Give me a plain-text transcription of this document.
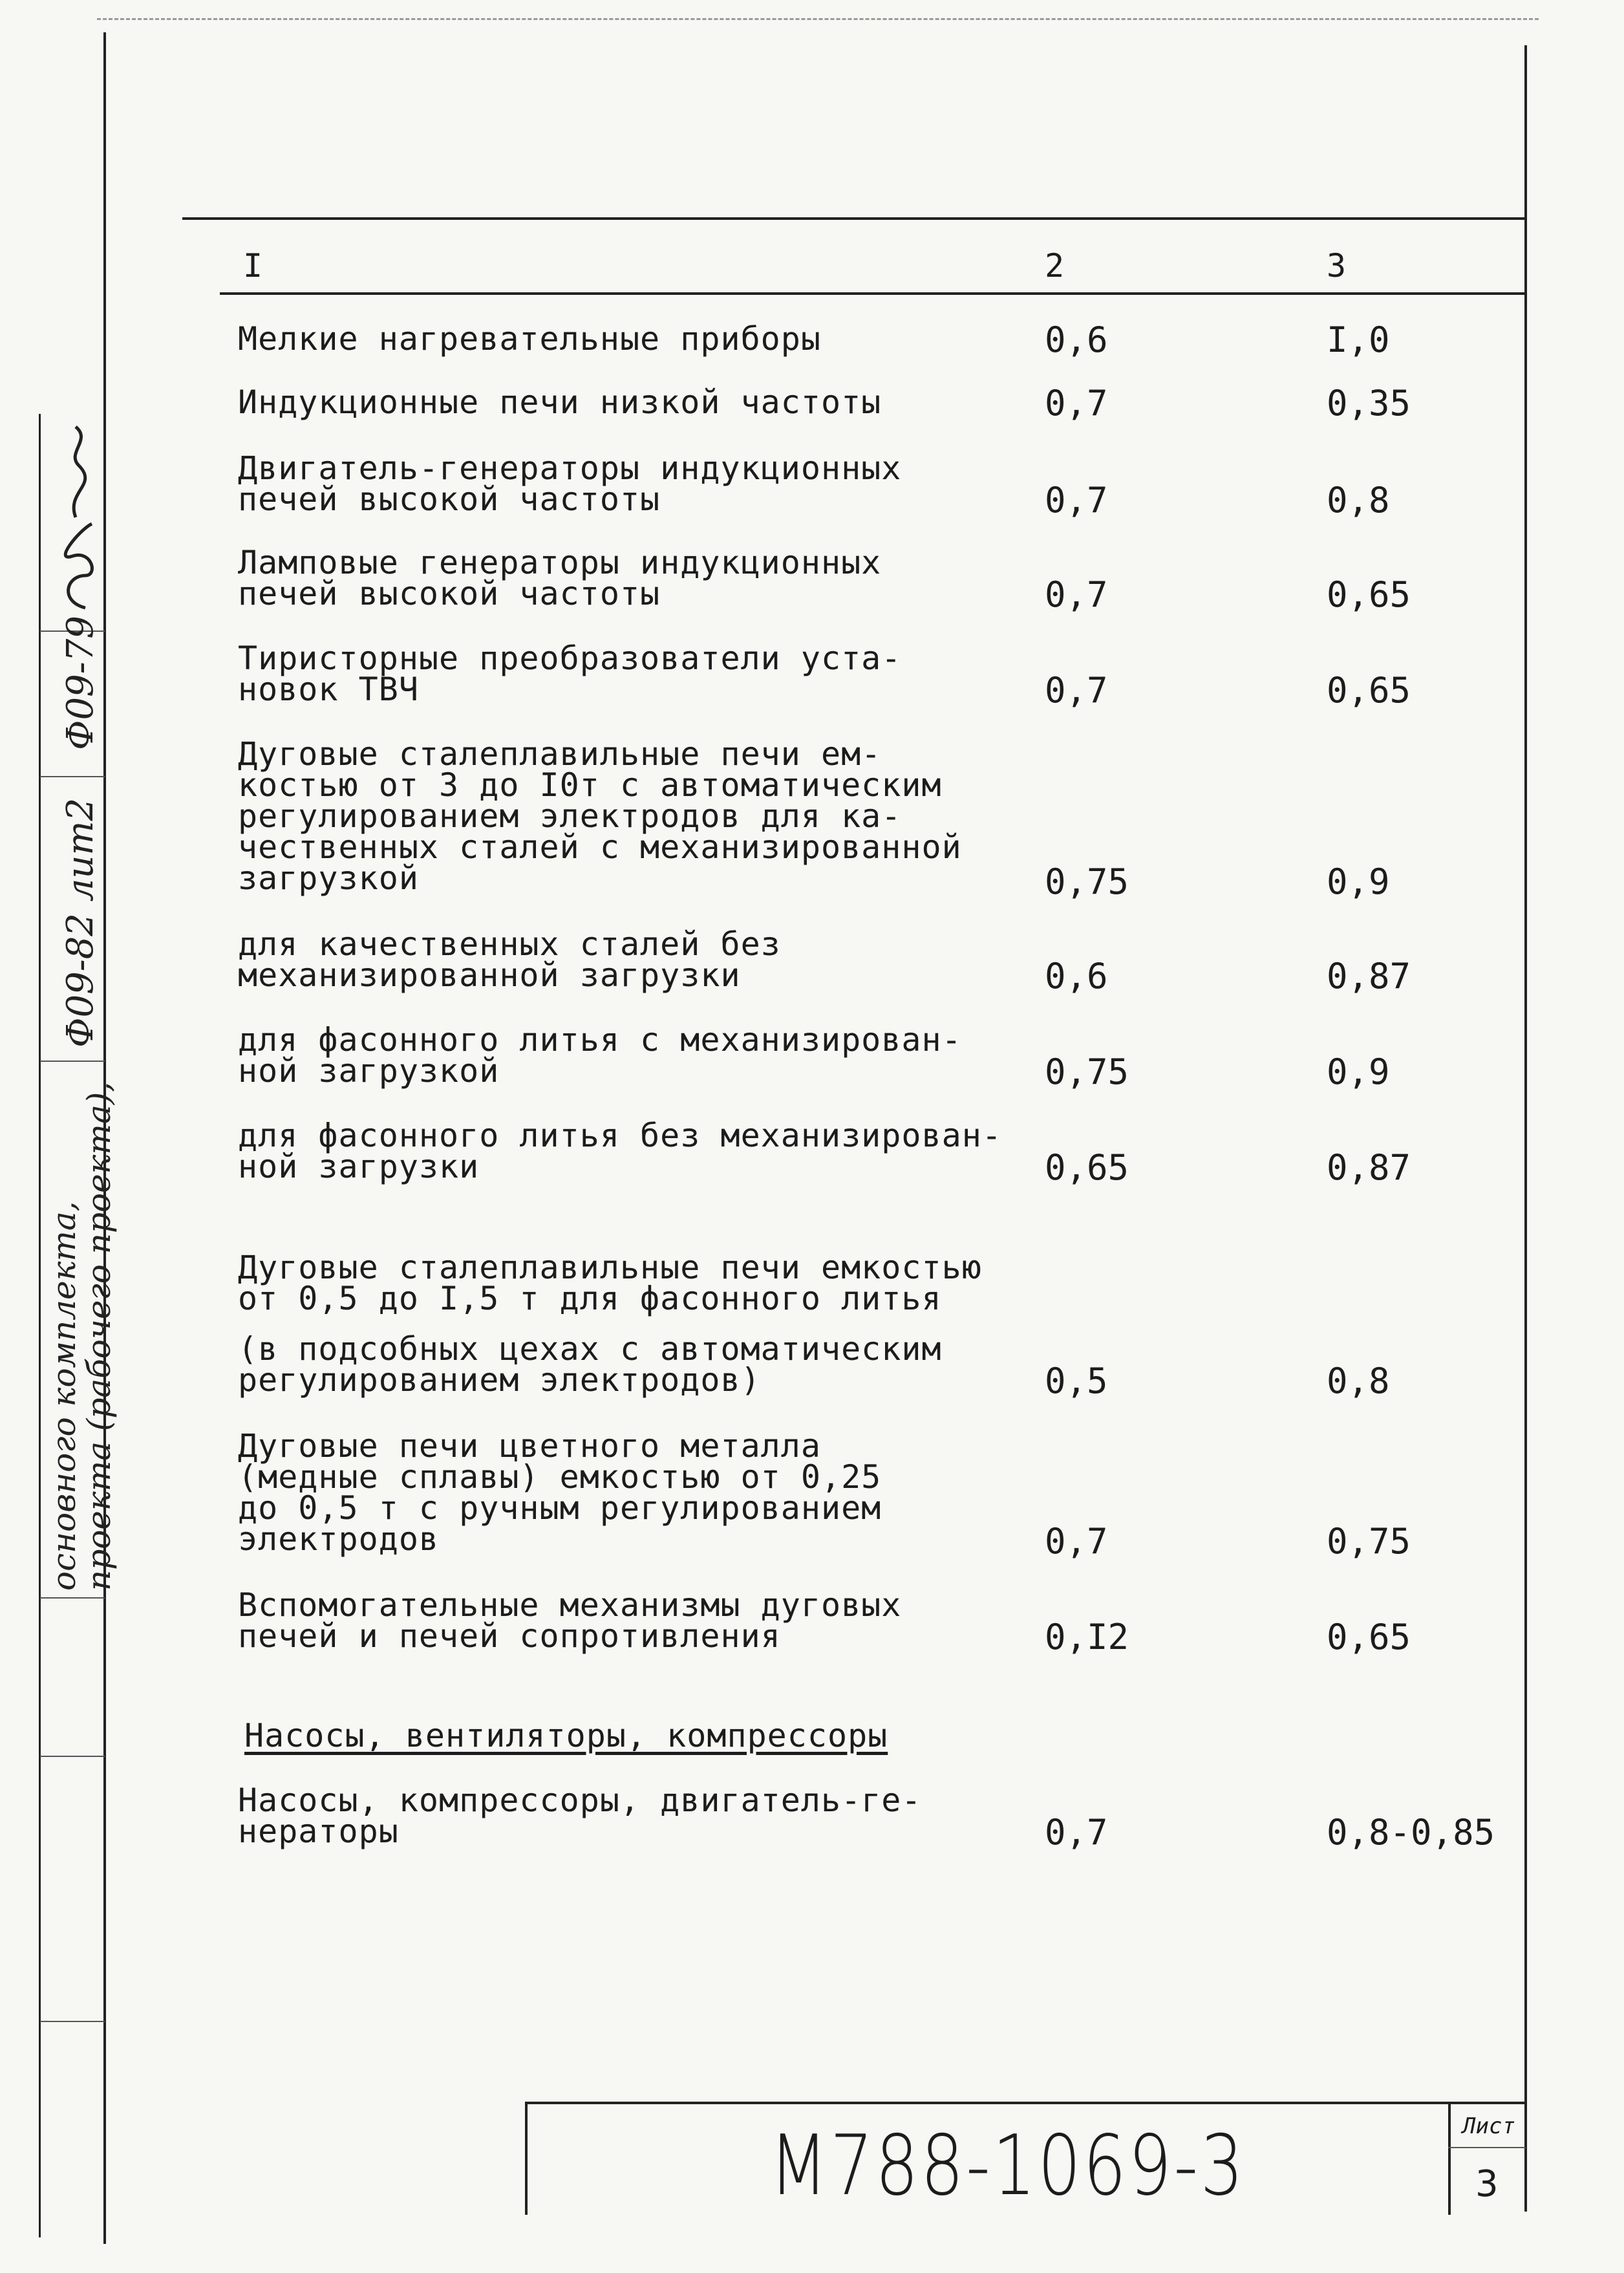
Ф09-79
Ф09-82 лит2
основного комплекта,
проекта (рабочего проекта),
I	2	3
Мелкие нагревательные приборы	0,6	I,0
Индукционные печи низкой частоты	0,7	0,35
Двигатель-генераторы индукционных
печей высокой частоты	0,7	0,8
Ламповые генераторы индукционных
печей высокой частоты	0,7	0,65
Тиристорные преобразователи уста-
новок ТВЧ	0,7	0,65
Дуговые сталеплавильные печи ем-
костью от 3 до I0т с автоматическим
регулированием электродов для ка-
чественных сталей с механизированной
загрузкой	0,75	0,9
для качественных сталей без
механизированной загрузки	0,6	0,87
для фасонного литья с механизирован-
ной загрузкой	0,75	0,9
для фасонного литья без механизирован-
ной загрузки	0,65	0,87
Дуговые сталеплавильные печи емкостью
от 0,5 до I,5 т для фасонного литья
(в подсобных цехах с автоматическим
регулированием электродов)	0,5	0,8
Дуговые печи цветного металла
(медные сплавы) емкостью от 0,25
до 0,5 т с ручным регулированием
электродов	0,7	0,75
Вспомогательные механизмы дуговых
печей и печей сопротивления	0,I2	0,65
Насосы, вентиляторы, компрессоры
Насосы, компрессоры, двигатель-ге-
нераторы	0,7	0,8-0,85
М788-1069-3	Лист
3
